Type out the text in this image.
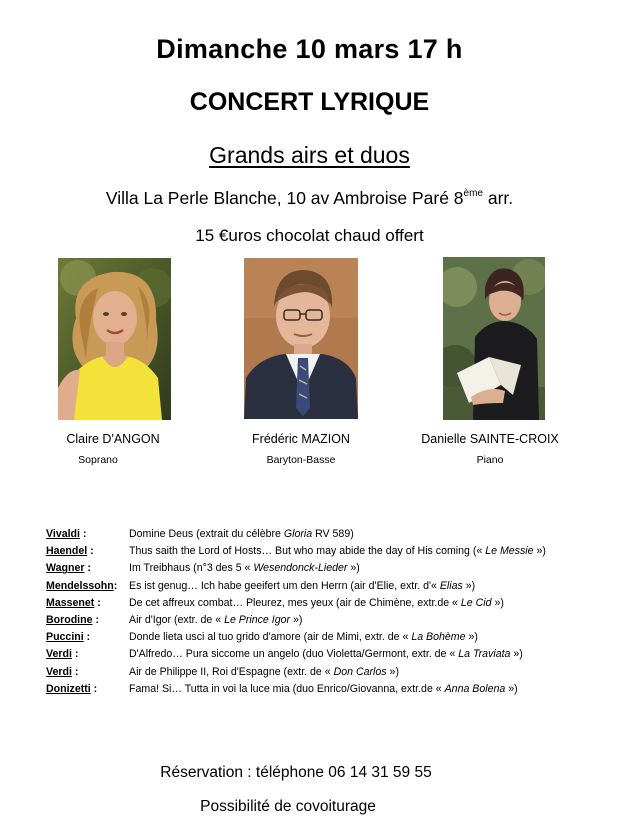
Dimanche 10 mars 17 h
CONCERT LYRIQUE
Grands airs et duos
Villa La Perle Blanche, 10 av Ambroise Paré 8ème arr.
15 €uros chocolat chaud offert
Claire D'ANGON	Frédéric MAZION	Danielle SAINTE-CROIX
Soprano	Baryton-Basse	Piano
Vivaldi :	Domine Deus (extrait du célèbre Gloria RV 589)
Haendel :	Thus saith the Lord of Hosts… But who may abide the day of His coming (« Le Messie »)
Wagner :	Im Treibhaus (n°3 des 5 « Wesendonck-Lieder »)
Mendelssohn: Es ist genug… Ich habe geeifert um den Herrn (air d'Elie, extr. d'« Elias »)
Massenet :	De cet affreux combat… Pleurez, mes yeux (air de Chimène, extr.de « Le Cid »)
Borodine :	Air d'Igor (extr. de « Le Prince Igor »)
Puccini :	Donde lieta usci al tuo grido d'amore (air de Mimi, extr. de « La Bohème »)
Verdi :	D'Alfredo… Pura siccome un angelo (duo Violetta/Germont, extr. de « La Traviata »)
Verdi :	Air de Philippe II, Roi d'Espagne (extr. de « Don Carlos »)
Donizetti :	Fama! Si… Tutta in voi la luce mia (duo Enrico/Giovanna, extr.de « Anna Bolena »)
Réservation : téléphone 06 14 31 59 55
Possibilité de covoiturage
